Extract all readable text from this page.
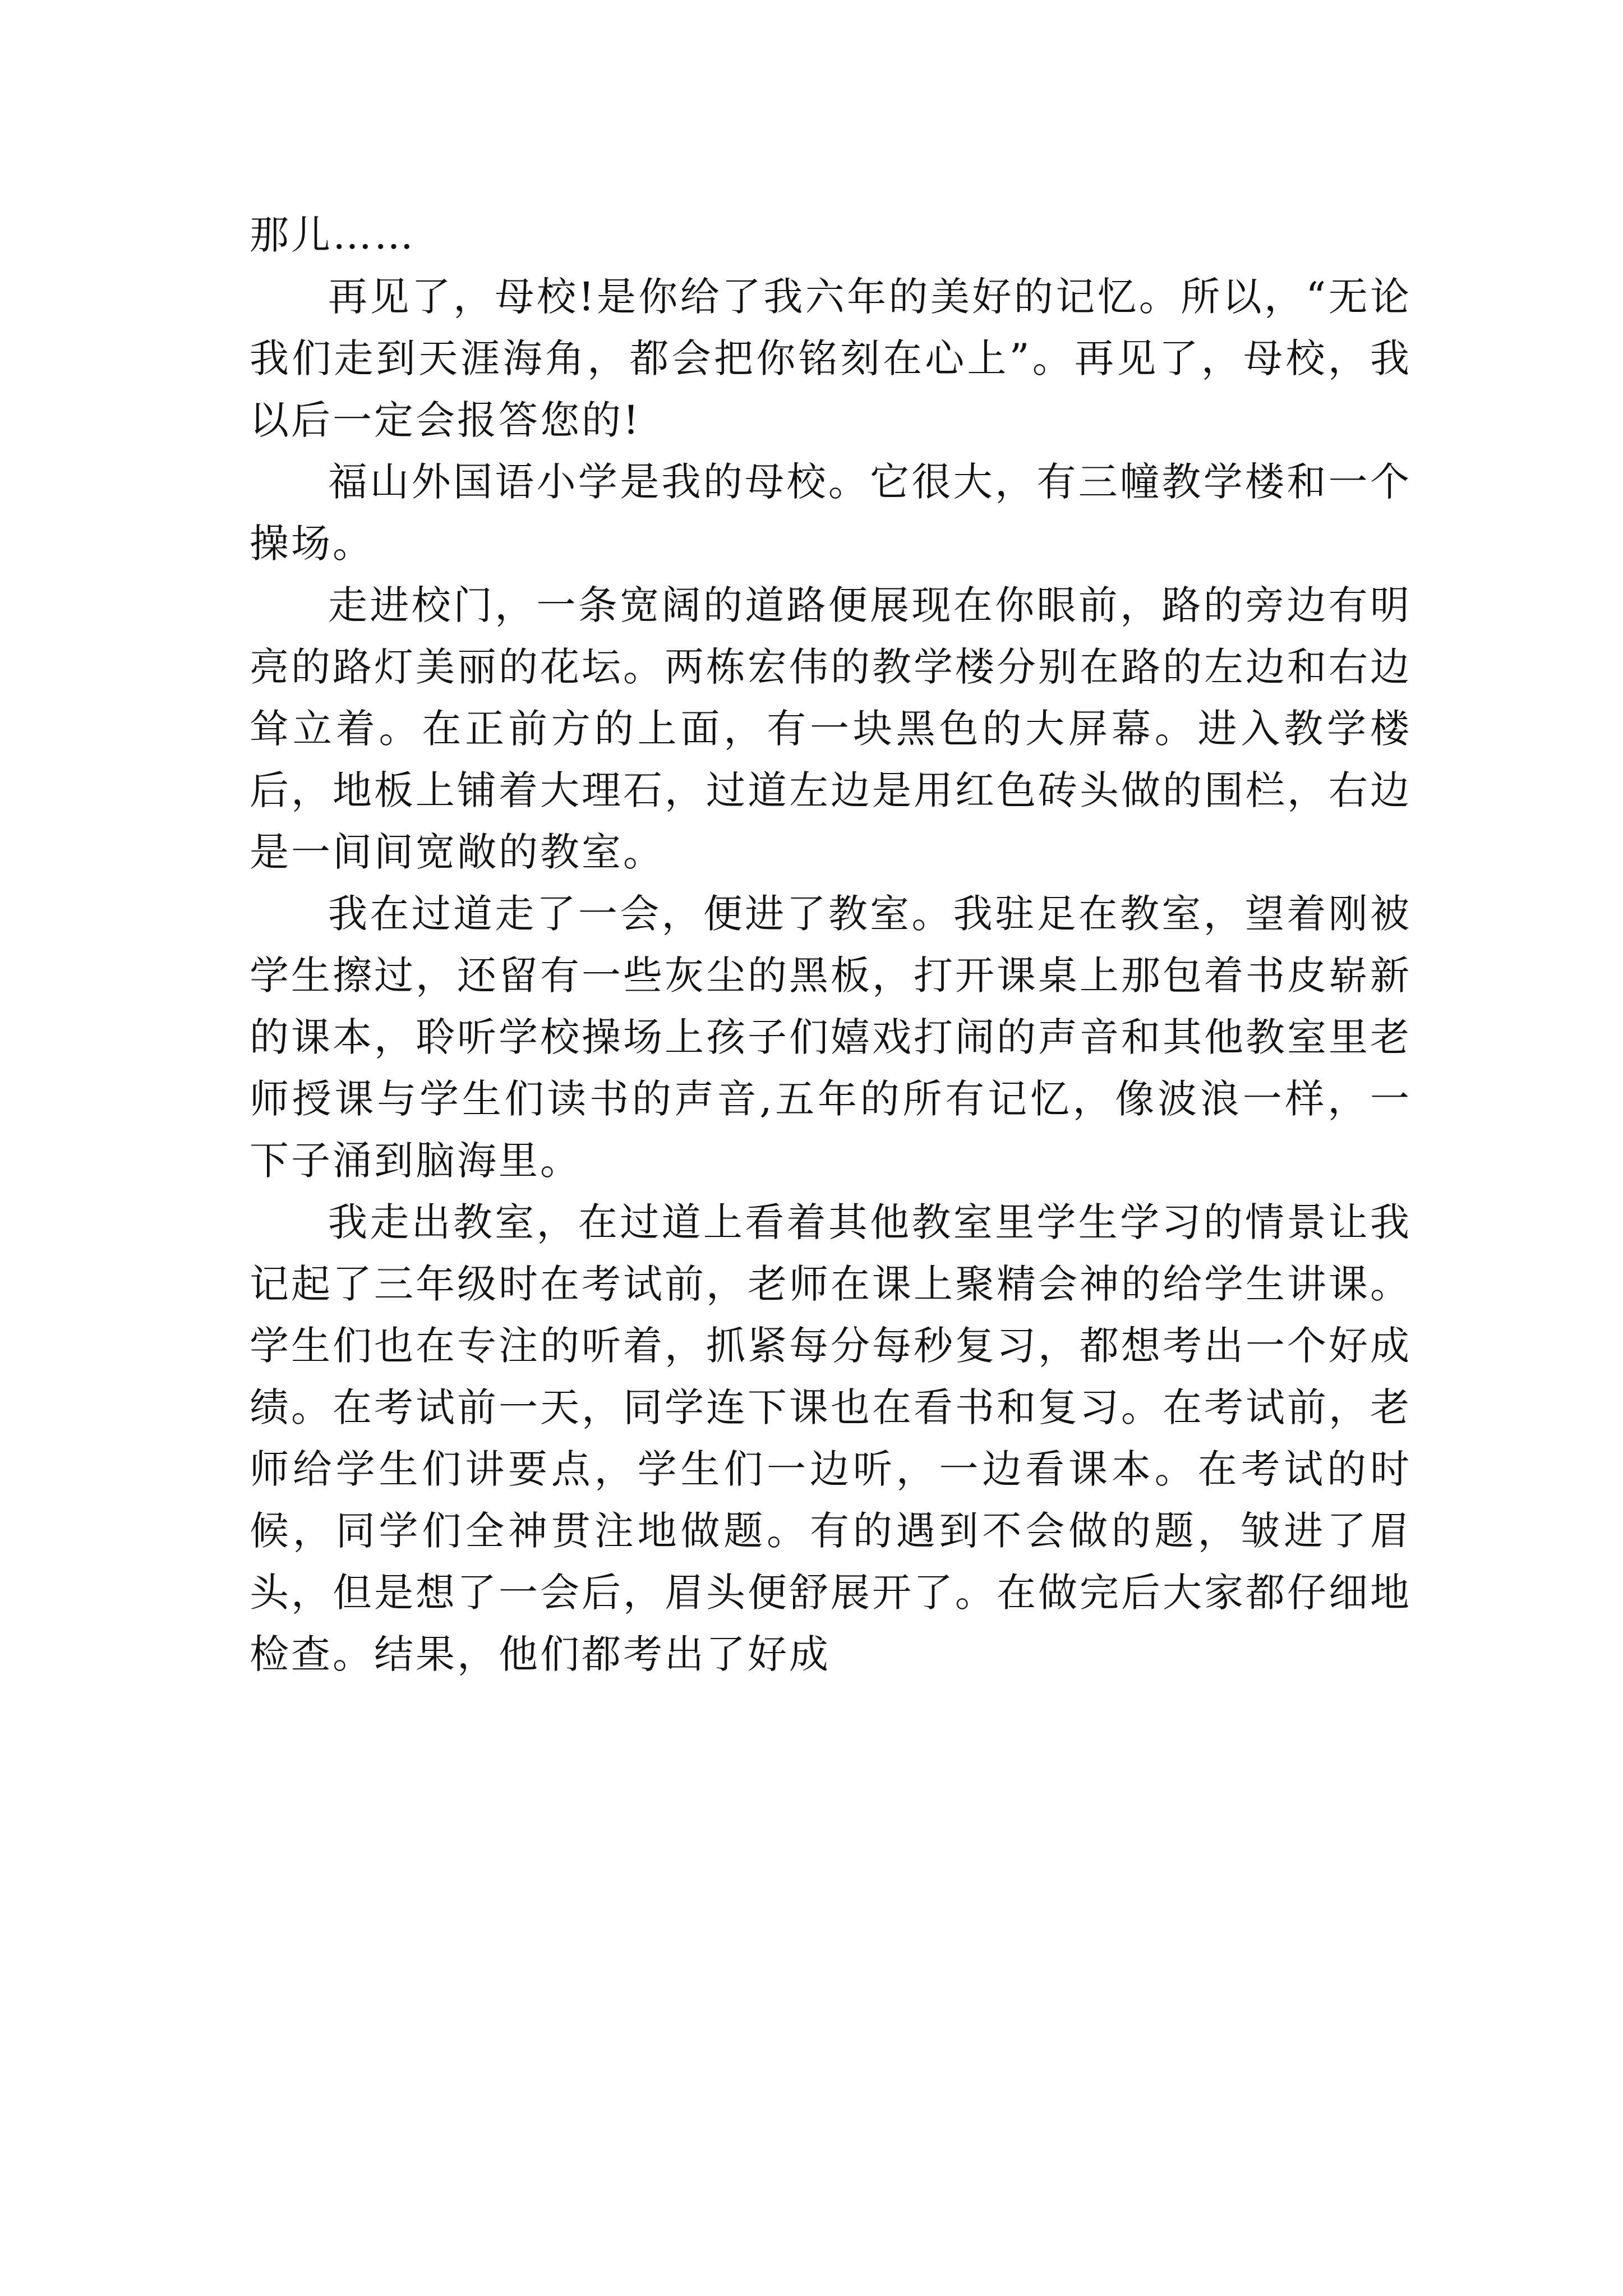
那儿……

再见了，母校!是你给了我六年的美好的记忆。所以，“无论我们走到天涯海角，都会把你铭刻在心上”。再见了，母校，我以后一定会报答您的!

福山外国语小学是我的母校。它很大，有三幢教学楼和一个操场。

走进校门，一条宽阔的道路便展现在你眼前，路的旁边有明亮的路灯美丽的花坛。两栋宏伟的教学楼分别在路的左边和右边耸立着。在正前方的上面，有一块黑色的大屏幕。进入教学楼后，地板上铺着大理石，过道左边是用红色砖头做的围栏，右边是一间间宽敞的教室。

我在过道走了一会，便进了教室。我驻足在教室，望着刚被学生擦过，还留有一些灰尘的黑板，打开课桌上那包着书皮崭新的课本，聆听学校操场上孩子们嬉戏打闹的声音和其他教室里老师授课与学生们读书的声音,五年的所有记忆，像波浪一样，一下子涌到脑海里。

我走出教室，在过道上看着其他教室里学生学习的情景让我记起了三年级时在考试前，老师在课上聚精会神的给学生讲课。学生们也在专注的听着，抓紧每分每秒复习，都想考出一个好成绩。在考试前一天，同学连下课也在看书和复习。在考试前，老师给学生们讲要点，学生们一边听，一边看课本。在考试的时候，同学们全神贯注地做题。有的遇到不会做的题，皱进了眉头，但是想了一会后，眉头便舒展开了。在做完后大家都仔细地检查。结果，他们都考出了好成
